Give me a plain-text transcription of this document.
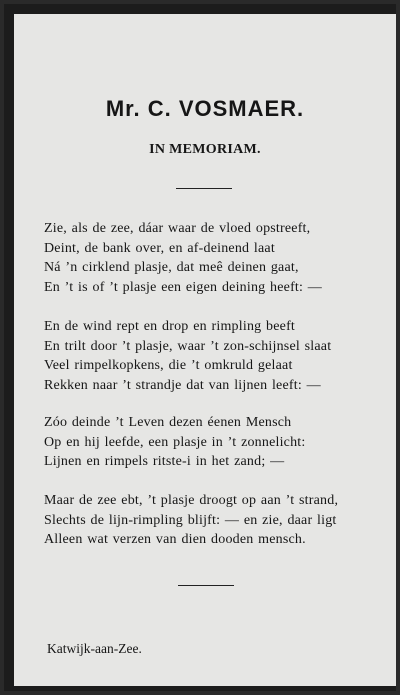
Mr. C. VOSMAER.
IN MEMORIAM.

Zie, als de zee, dáar waar de vloed opstreeft,
Deint, de bank over, en af-deinend laat
Ná ’n cirklend plasje, dat meê deinen gaat,
En ’t is of ’t plasje een eigen deining heeft: —

En de wind rept en drop en rimpling beeft
En trilt door ’t plasje, waar ’t zon-schijnsel slaat
Veel rimpelkopkens, die ’t omkruld gelaat
Rekken naar ’t strandje dat van lijnen leeft: —

Zóo deinde ’t Leven dezen éenen Mensch
Op en hij leefde, een plasje in ’t zonnelicht:
Lijnen en rimpels ritste-i in het zand; —

Maar de zee ebt, ’t plasje droogt op aan ’t strand,
Slechts de lijn-rimpling blijft: — en zie, daar ligt
Alleen wat verzen van dien dooden mensch.

Katwijk-aan-Zee.
